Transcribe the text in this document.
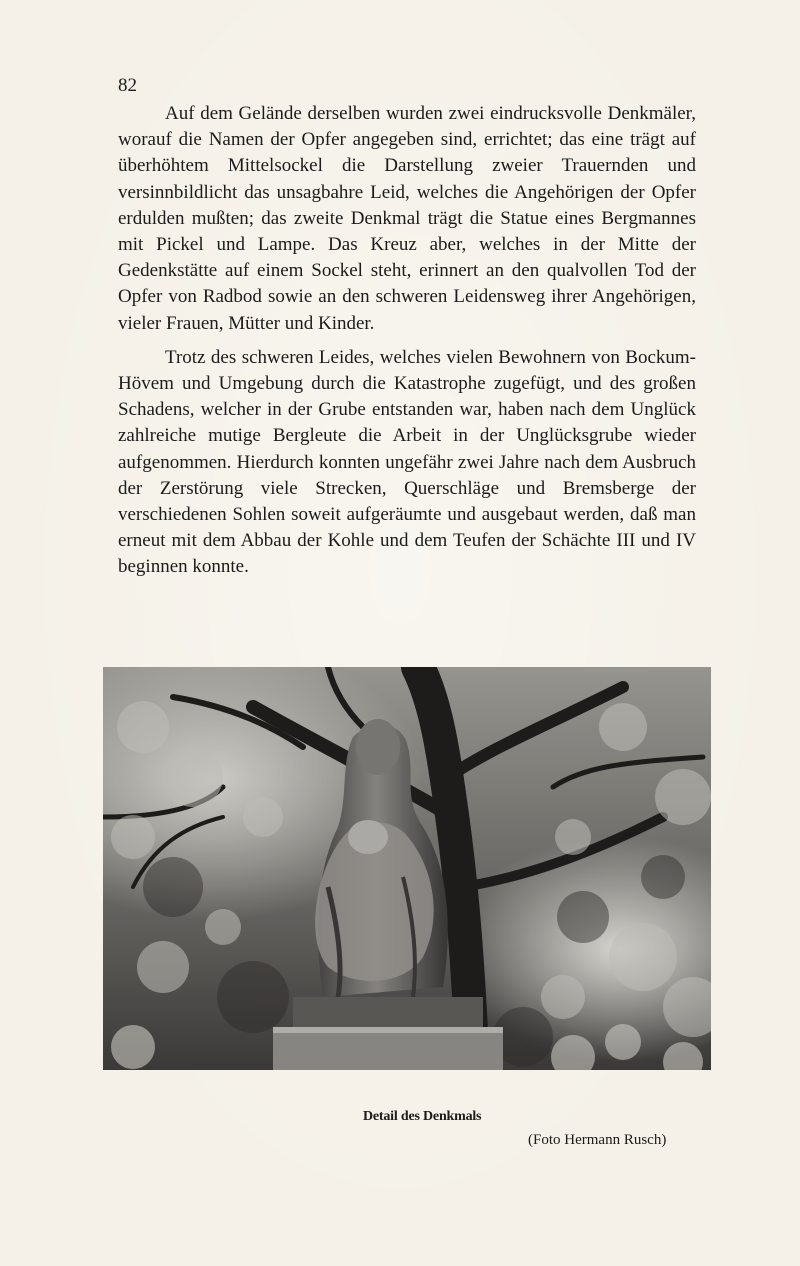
82

Auf dem Gelände derselben wurden zwei eindrucksvolle Denkmäler, worauf die Namen der Opfer angegeben sind, errichtet; das eine trägt auf überhöhtem Mittelsockel die Darstellung zweier Trauernden und versinnbildlicht das unsagbahre Leid, welches die Angehörigen der Opfer erdulden mußten; das zweite Denkmal trägt die Statue eines Bergmannes mit Pickel und Lampe. Das Kreuz aber, welches in der Mitte der Gedenkstätte auf einem Sockel steht, erinnert an den qualvollen Tod der Opfer von Radbod sowie an den schweren Leidensweg ihrer Angehörigen, vieler Frauen, Mütter und Kinder.

Trotz des schweren Leides, welches vielen Bewohnern von Bockum-Hövem und Umgebung durch die Katastrophe zugefügt, und des großen Schadens, welcher in der Grube entstanden war, haben nach dem Unglück zahlreiche mutige Bergleute die Arbeit in der Unglücksgrube wieder aufgenommen. Hierdurch konnten ungefähr zwei Jahre nach dem Ausbruch der Zerstörung viele Strecken, Querschläge und Bremsberge der verschiedenen Sohlen soweit aufgeräumte und ausgebaut werden, daß man erneut mit dem Abbau der Kohle und dem Teufen der Schächte III und IV beginnen konnte.

Detail des Denkmals
(Foto Hermann Rusch)
